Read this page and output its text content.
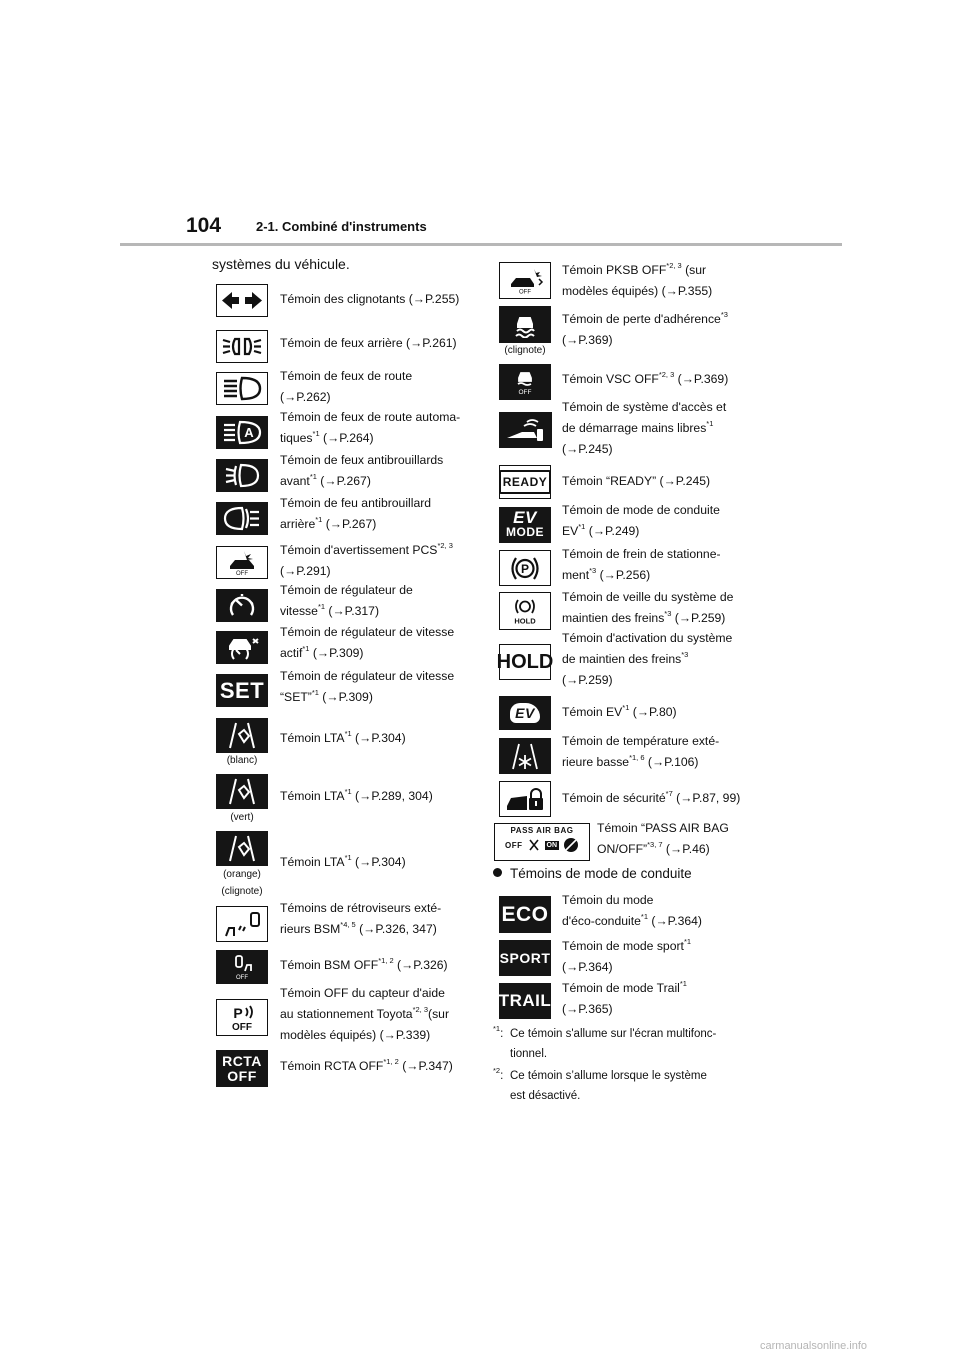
104	2-1. Combiné d'instruments
systèmes du véhicule.
A
OFF
SET
OFF
P
OFF
RCTA
OFF
OFF
OFF
READY
EV
MODE
P
HOLD
HOLD
EV
PASS AIR BAG
OFF	ON
Témoins de mode de conduite
ECO
SPORT
TRAIL
Témoin des clignotants (→P.255)
Témoin de feux arrière (→P.261)
Témoin de feux de route
(→P.262)
Témoin de feux de route automa-
tiques$^{*1}$ (→P.264)
Témoin de feux antibrouillards
avant$^{*1}$ (→P.267)
Témoin de feu antibrouillard
arrière$^{*1}$ (→P.267)
Témoin d'avertissement PCS$^{*2, 3}$
(→P.291)
Témoin de régulateur de
vitesse$^{*1}$ (→P.317)
Témoin de régulateur de vitesse
actif$^{*1}$ (→P.309)
Témoin de régulateur de vitesse
“SET”$^{*1}$ (→P.309)
Témoin LTA$^{*1}$ (→P.304)
(blanc)
Témoin LTA$^{*1}$ (→P.289, 304)
(vert)
Témoin LTA$^{*1}$ (→P.304)
(orange)
(clignote)
Témoins de rétroviseurs exté-
rieurs BSM$^{*4, 5}$ (→P.326, 347)
Témoin BSM OFF$^{*1, 2}$ (→P.326)
Témoin OFF du capteur d'aide
au stationnement Toyota$^{*2, 3}$(sur
modèles équipés) (→P.339)
Témoin RCTA OFF$^{*1, 2}$ (→P.347)
Témoin PKSB OFF$^{*2, 3}$ (sur
modèles équipés) (→P.355)
Témoin de perte d'adhérence$^{*3}$
(→P.369)
(clignote)
Témoin VSC OFF$^{*2, 3}$ (→P.369)
Témoin de système d'accès et
de démarrage mains libres$^{*1}$
(→P.245)
Témoin “READY” (→P.245)
Témoin de mode de conduite
EV$^{*1}$ (→P.249)
Témoin de frein de stationne-
ment$^{*3}$ (→P.256)
Témoin de veille du système de
maintien des freins$^{*3}$ (→P.259)
Témoin d'activation du système
de maintien des freins$^{*3}$
(→P.259)
Témoin EV$^{*1}$ (→P.80)
Témoin de température exté-
rieure basse$^{*1, 6}$ (→P.106)
Témoin de sécurité$^{*7}$ (→P.87, 99)
Témoin “PASS AIR BAG
ON/OFF”$^{*3, 7}$ (→P.46)
Témoin du mode
d'éco-conduite$^{*1}$ (→P.364)
Témoin de mode sport$^{*1}$
(→P.364)
Témoin de mode Trail$^{*1}$
(→P.365)
$^{*1}$: Ce témoin s'allume sur l'écran multifonc-
tionnel.
$^{*2}$: Ce témoin s’allume lorsque le système
est désactivé.
carmanualsonline.info
